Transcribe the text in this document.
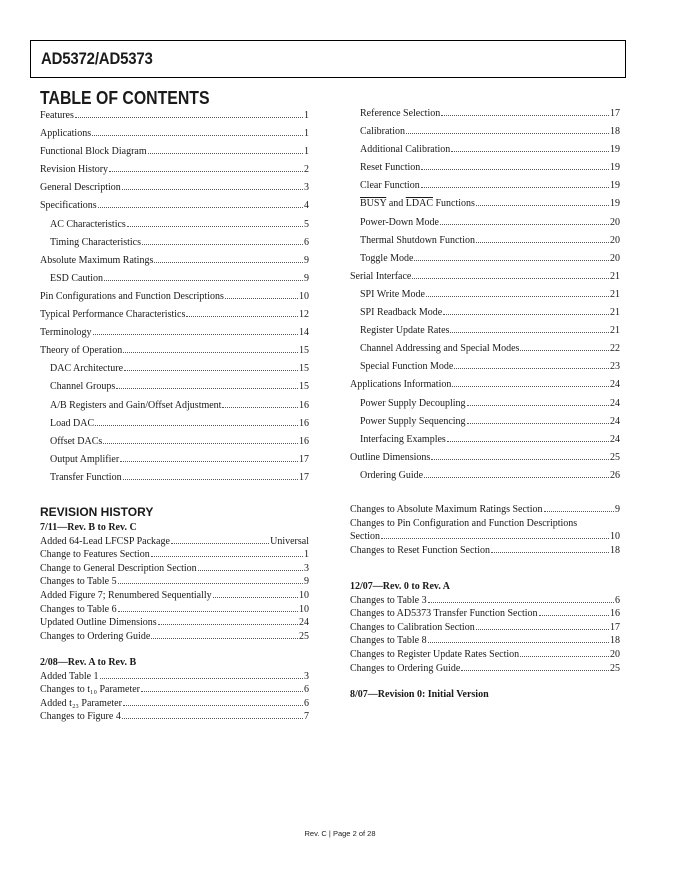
AD5372/AD5373
TABLE OF CONTENTS
Features	1
Applications	1
Functional Block Diagram	1
Revision History	2
General Description	3
Specifications	4
AC Characteristics	5
Timing Characteristics	6
Absolute Maximum Ratings	9
ESD Caution	9
Pin Configurations and Function Descriptions	10
Typical Performance Characteristics	12
Terminology	14
Theory of Operation	15
DAC Architecture	15
Channel Groups	15
A/B Registers and Gain/Offset Adjustment	16
Load DAC	16
Offset DACs	16
Output Amplifier	17
Transfer Function	17
Reference Selection	17
Calibration	18
Additional Calibration	19
Reset Function	19
Clear Function	19
BUSY and LDAC Functions	19
Power-Down Mode	20
Thermal Shutdown Function	20
Toggle Mode	20
Serial Interface	21
SPI Write Mode	21
SPI Readback Mode	21
Register Update Rates	21
Channel Addressing and Special Modes	22
Special Function Mode	23
Applications Information	24
Power Supply Decoupling	24
Power Supply Sequencing	24
Interfacing Examples	24
Outline Dimensions	25
Ordering Guide	26
REVISION HISTORY
7/11—Rev. B to Rev. C
Added 64-Lead LFCSP Package	Universal
Change to Features Section	1
Change to General Description Section	3
Changes to Table 5	9
Added Figure 7; Renumbered Sequentially	10
Changes to Table 6	10
Updated Outline Dimensions	24
Changes to Ordering Guide	25
2/08—Rev. A to Rev. B
Added Table 1	3
Changes to t₁₀ Parameter	6
Added t₂₃ Parameter	6
Changes to Figure 4	7
Changes to Absolute Maximum Ratings Section	9
Changes to Pin Configuration and Function Descriptions
Section	10
Changes to Reset Function Section	18
12/07—Rev. 0 to Rev. A
Changes to Table 3	6
Changes to AD5373 Transfer Function Section	16
Changes to Calibration Section	17
Changes to Table 8	18
Changes to Register Update Rates Section	20
Changes to Ordering Guide	25
8/07—Revision 0: Initial Version
Rev. C | Page 2 of 28
